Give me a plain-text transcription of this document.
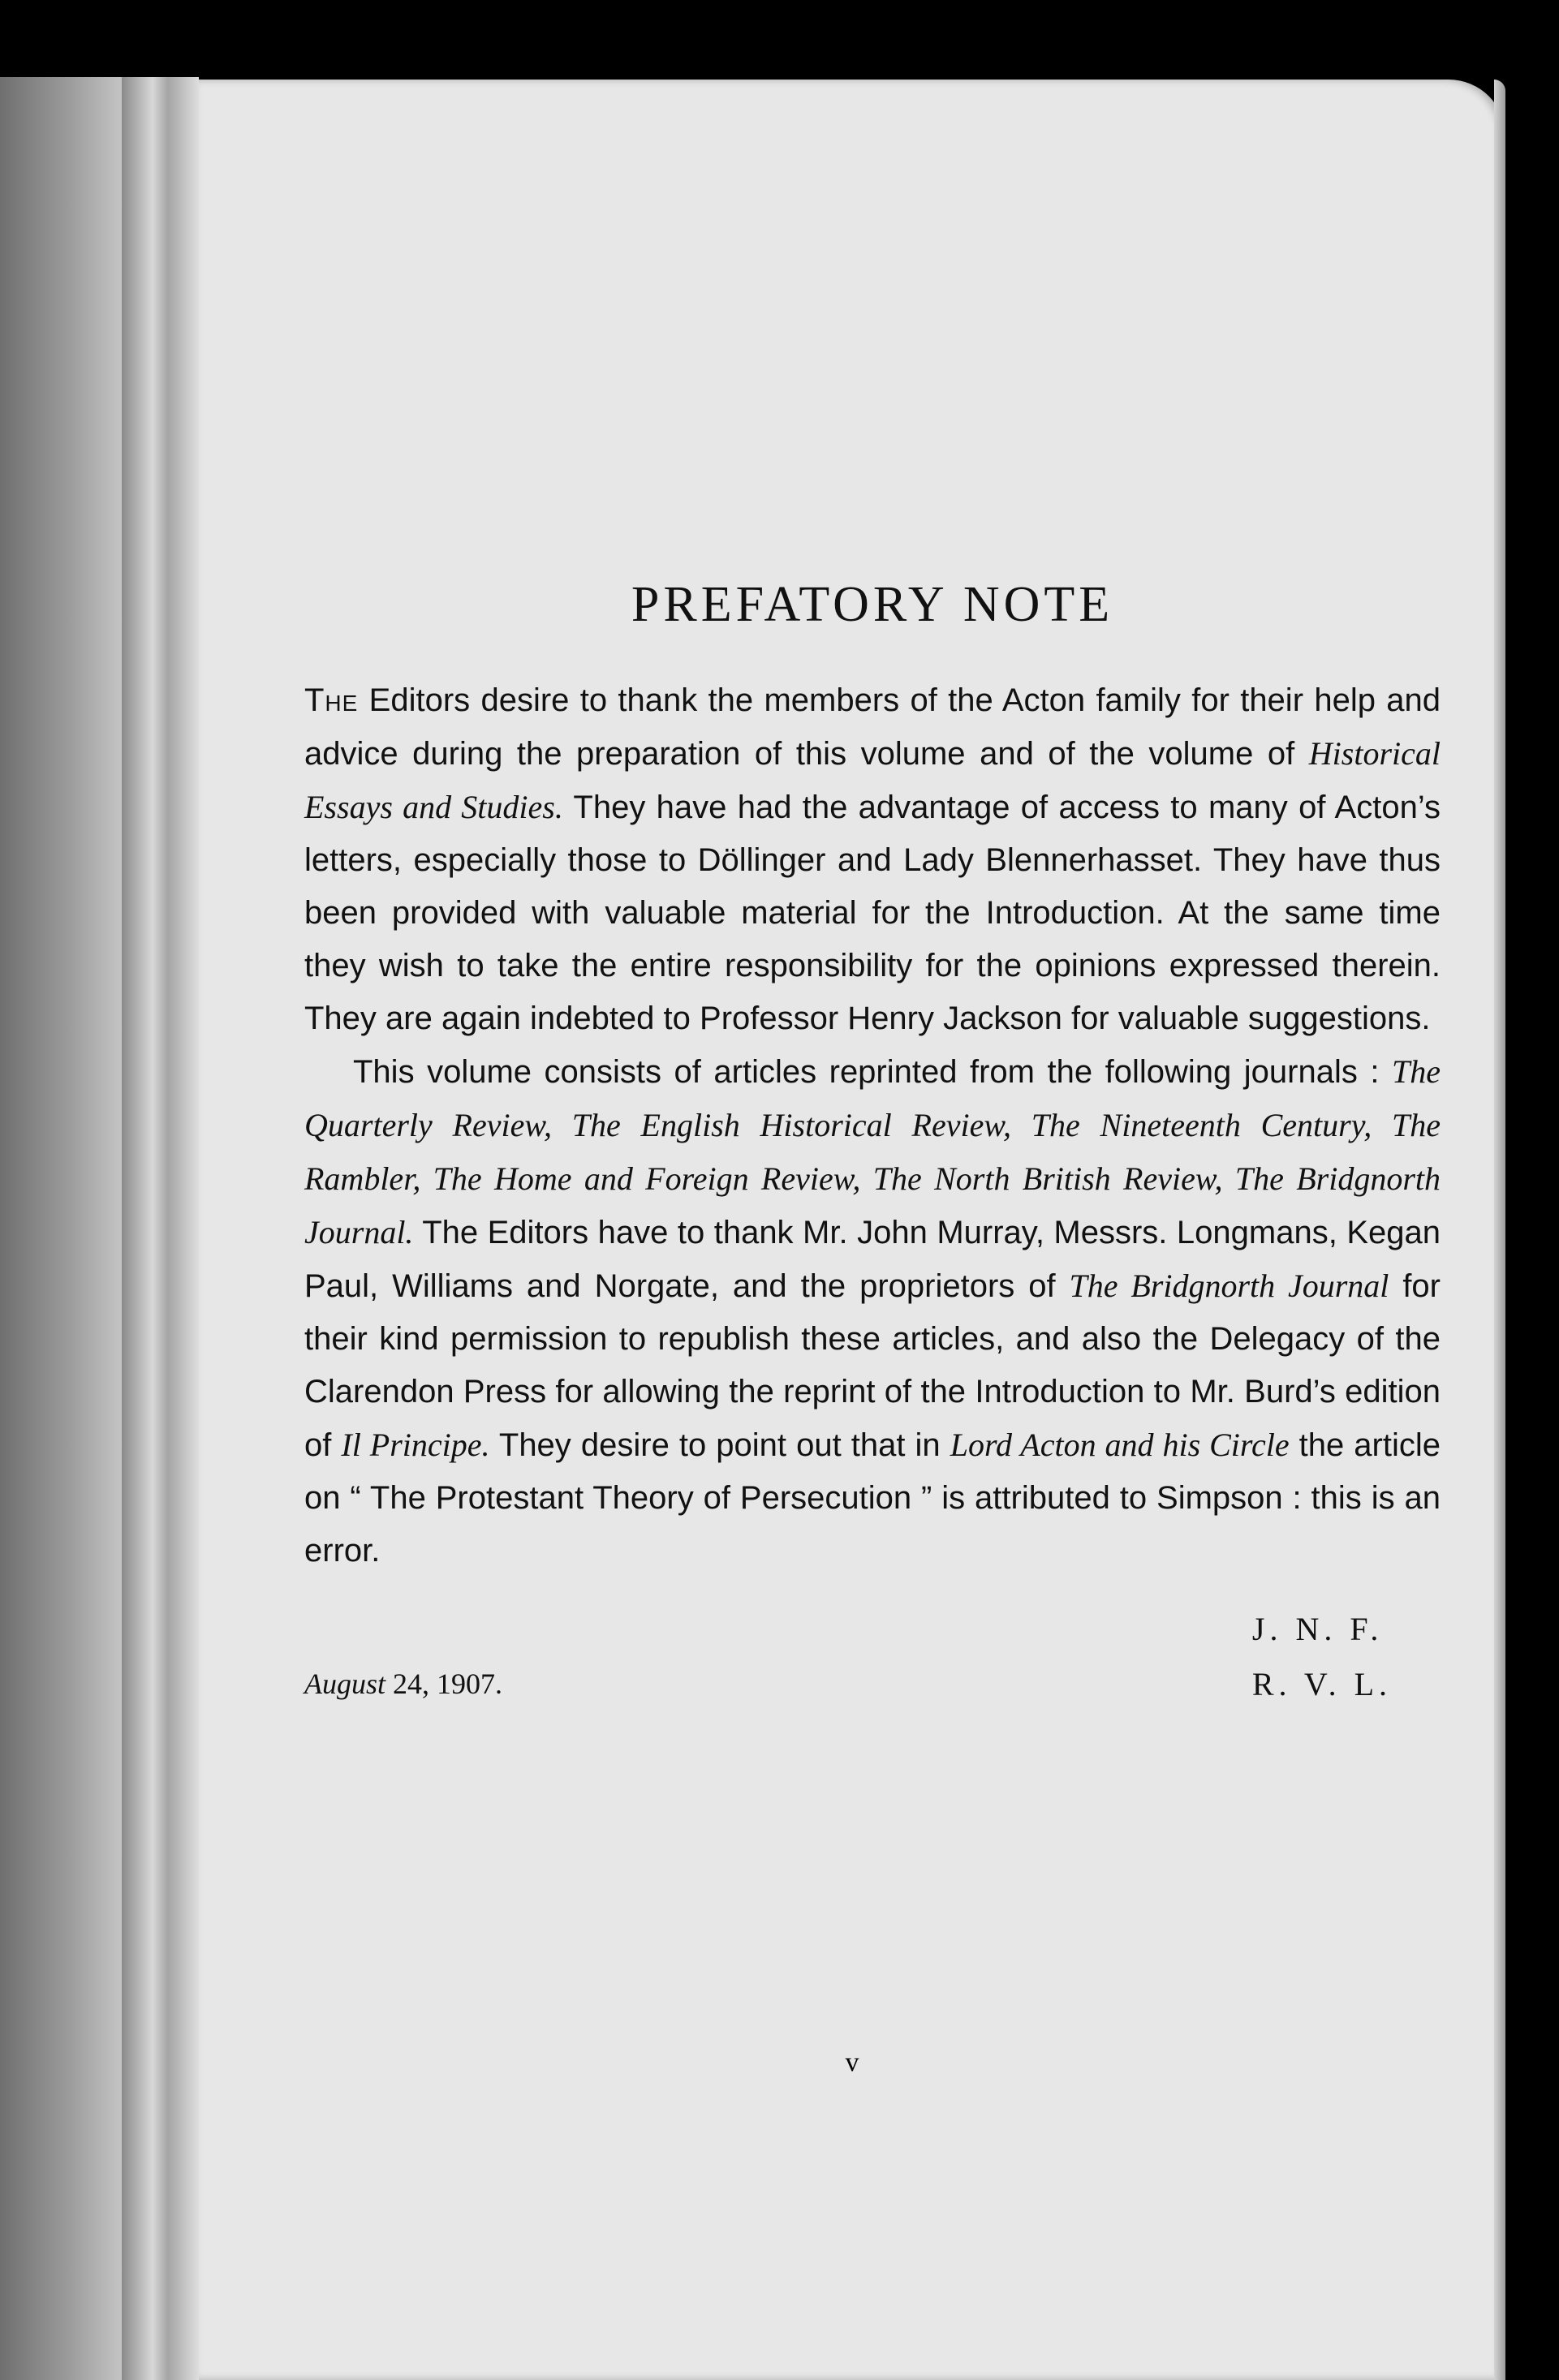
PREFATORY NOTE

The Editors desire to thank the members of the Acton family for their help and advice during the preparation of this volume and of the volume of Historical Essays and Studies. They have had the advantage of access to many of Acton’s letters, especially those to Döllinger and Lady Blennerhasset. They have thus been provided with valuable material for the Introduction. At the same time they wish to take the entire responsibility for the opinions expressed therein. They are again indebted to Professor Henry Jackson for valuable suggestions.

This volume consists of articles reprinted from the following journals : The Quarterly Review, The English Historical Review, The Nineteenth Century, The Rambler, The Home and Foreign Review, The North British Review, The Bridgnorth Journal. The Editors have to thank Mr. John Murray, Messrs. Longmans, Kegan Paul, Williams and Norgate, and the proprietors of The Bridgnorth Journal for their kind permission to republish these articles, and also the Delegacy of the Clarendon Press for allowing the reprint of the Introduction to Mr. Burd’s edition of Il Principe. They desire to point out that in Lord Acton and his Circle the article on “ The Protestant Theory of Persecution ” is attributed to Simpson : this is an error.

J. N. F.
R. V. L.
August 24, 1907.
v
